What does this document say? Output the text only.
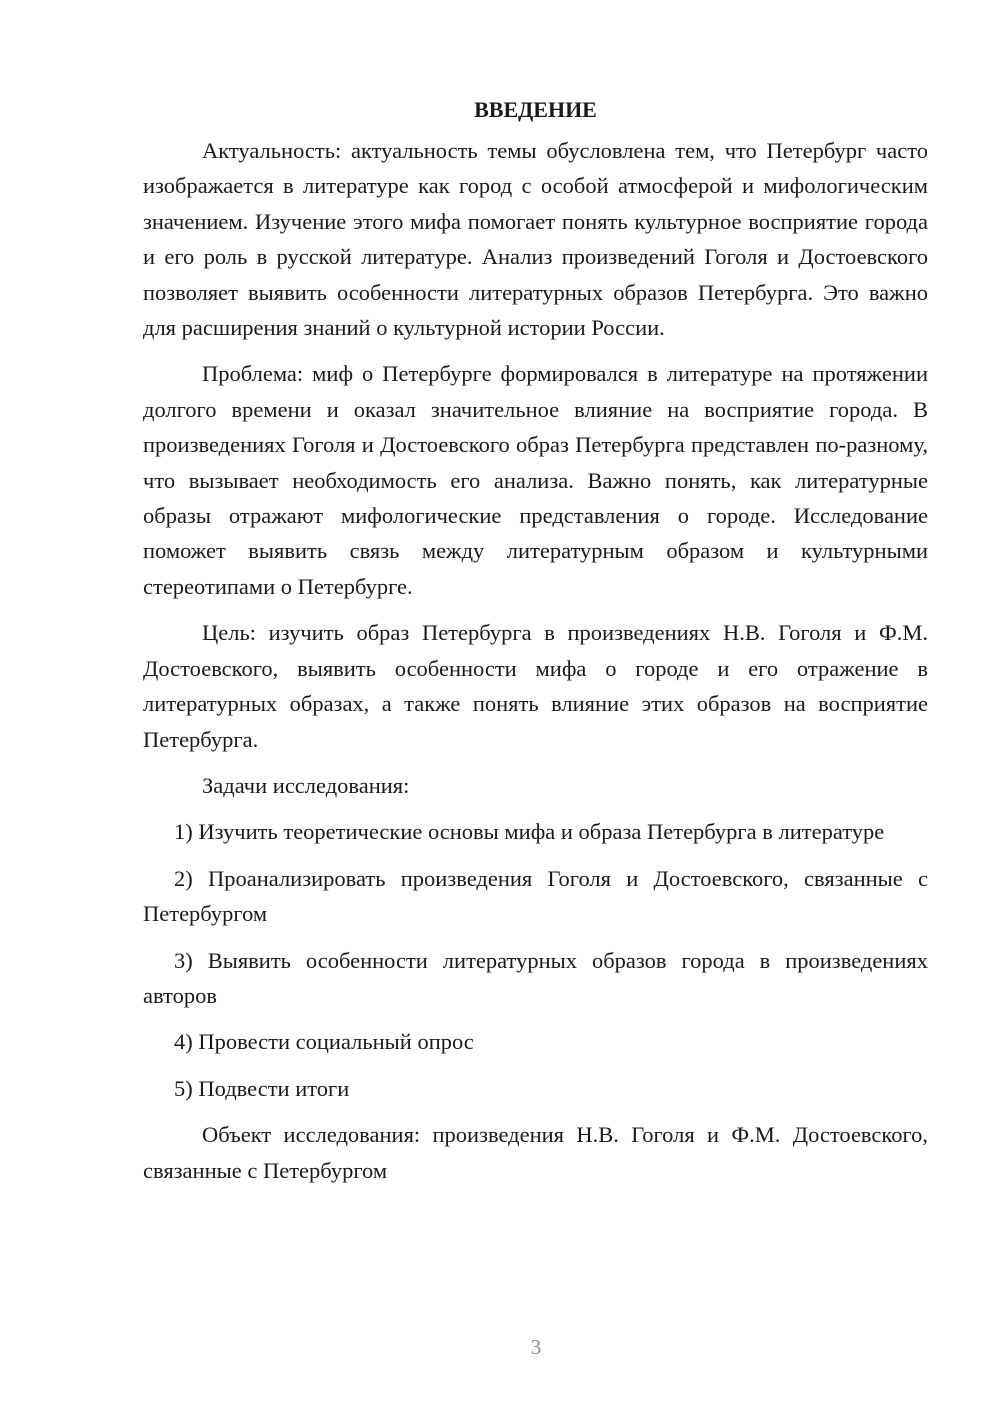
ВВЕДЕНИЕ

Актуальность: актуальность темы обусловлена тем, что Петербург часто изображается в литературе как город с особой атмосферой и мифологическим значением. Изучение этого мифа помогает понять культурное восприятие города и его роль в русской литературе. Анализ произведений Гоголя и Достоевского позволяет выявить особенности литературных образов Петербурга. Это важно для расширения знаний о культурной истории России.

Проблема: миф о Петербурге формировался в литературе на протяжении долгого времени и оказал значительное влияние на восприятие города. В произведениях Гоголя и Достоевского образ Петербурга представлен по-разному, что вызывает необходимость его анализа. Важно понять, как литературные образы отражают мифологические представления о городе. Исследование поможет выявить связь между литературным образом и культурными стереотипами о Петербурге.

Цель: изучить образ Петербурга в произведениях Н.В. Гоголя и Ф.М. Достоевского, выявить особенности мифа о городе и его отражение в литературных образах, а также понять влияние этих образов на восприятие Петербурга.

Задачи исследования:

1) Изучить теоретические основы мифа и образа Петербурга в литературе

2) Проанализировать произведения Гоголя и Достоевского, связанные с Петербургом

3) Выявить особенности литературных образов города в произведениях авторов

4) Провести социальный опрос

5) Подвести итоги

Объект исследования: произведения Н.В. Гоголя и Ф.М. Достоевского, связанные с Петербургом

3
